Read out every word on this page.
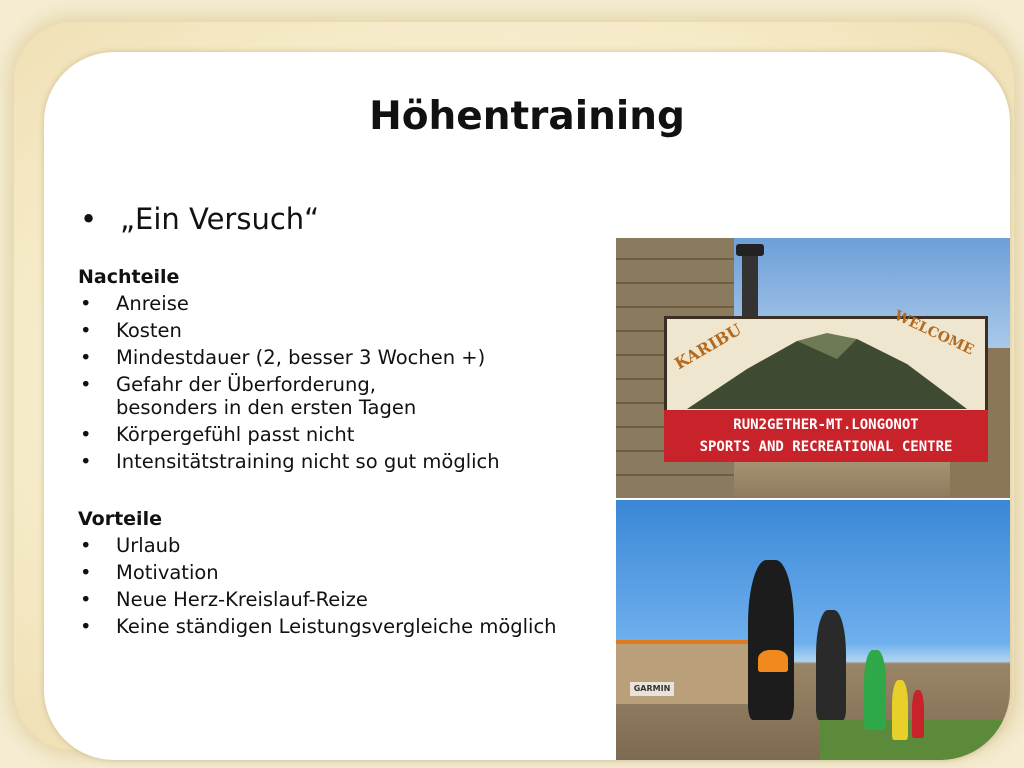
Höhentraining
• „Ein Versuch“
Nachteile
• Anreise
• Kosten
• Mindestdauer (2, besser 3 Wochen +)
• Gefahr der Überforderung, besonders in den ersten Tagen
• Körpergefühl passt nicht
• Intensitätstraining nicht so gut möglich
Vorteile
• Urlaub
• Motivation
• Neue Herz-Kreislauf-Reize
• Keine ständigen Leistungsvergleiche möglich
KARIBU	WELCOME
RUN2GETHER-MT.LONGONOT
SPORTS AND RECREATIONAL CENTRE
GARMIN
